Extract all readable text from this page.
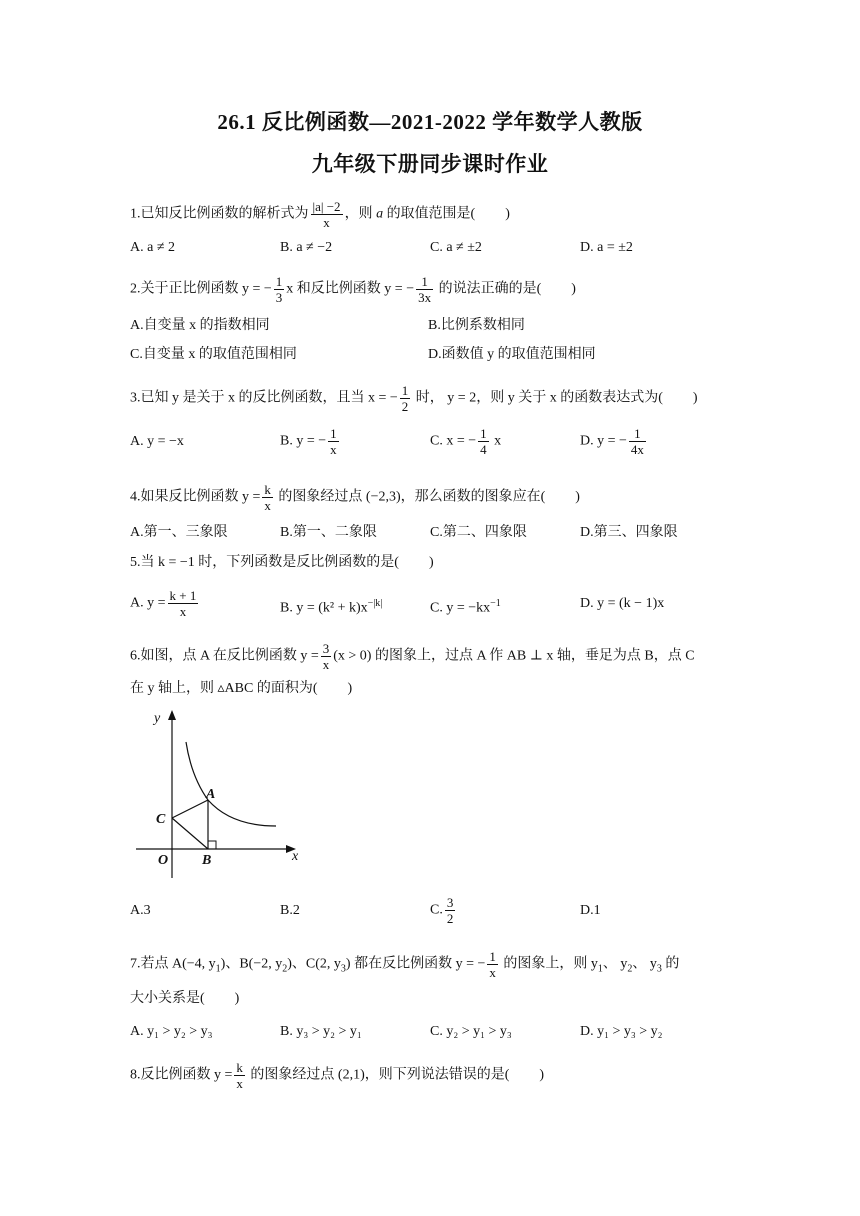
26.1 反比例函数—2021-2022 学年数学人教版
九年级下册同步课时作业
1.已知反比例函数的解析式为 $\frac{|a| -2}{x}$ ，则 a 的取值范围是( )
A. a ≠ 2	B. a ≠ −2	C. a ≠ ±2	D. a = ±2
2.关于正比例函数 y = − $\frac{1}{3}$ x 和反比例函数 y = − $\frac{1}{3x}$ 的说法正确的是( )
A.自变量 x 的指数相同	B.比例系数相同
C.自变量 x 的取值范围相同	D.函数值 y 的取值范围相同
3.已知 y 是关于 x 的反比例函数，且当 x = − $\frac{1}{2}$ 时， y = 2，则 y 关于 x 的函数表达式为( )
A. y = −x	B. y = − $\frac{1}{x}$	C. x = − $\frac{1}{4}$ x	D. y = − $\frac{1}{4x}$
4.如果反比例函数 $y = \frac{k}{x}$ 的图象经过点 (−2,3)，那么函数的图象应在( )
A.第一、三象限	B.第一、二象限	C.第二、四象限	D.第三、四象限
5.当 k = −1 时，下列函数是反比例函数的是( )
A. $y = \frac{k + 1}{x}$	B. $y = (k^2 + k)x^{-|k|}$	C. $y = -kx^{-1}$	D. y = (k − 1)x
6.如图，点 A 在反比例函数 $y = \frac{3}{x} (x > 0)$ 的图象上，过点 A 作 AB ⊥ x 轴，垂足为点 B，点 C
在 y 轴上，则 ▵ABC 的面积为( )
y
x
A
B
C
O
A.3	B.2	C. $\frac{3}{2}$	D.1
7.若点 A(−4, $y_1$)、B(−2, $y_2$)、C(2, $y_3$) 都在反比例函数 y = − $\frac{1}{x}$ 的图象上，则 $y_1$、 $y_2$、 $y_3$ 的
大小关系是( )
A. y₁ > y₂ > y₃	B. y₃ > y₂ > y₁	C. y₂ > y₁ > y₃	D. y₁ > y₃ > y₂
8.反比例函数 $y = \frac{k}{x}$ 的图象经过点 (2,1)，则下列说法错误的是( )
